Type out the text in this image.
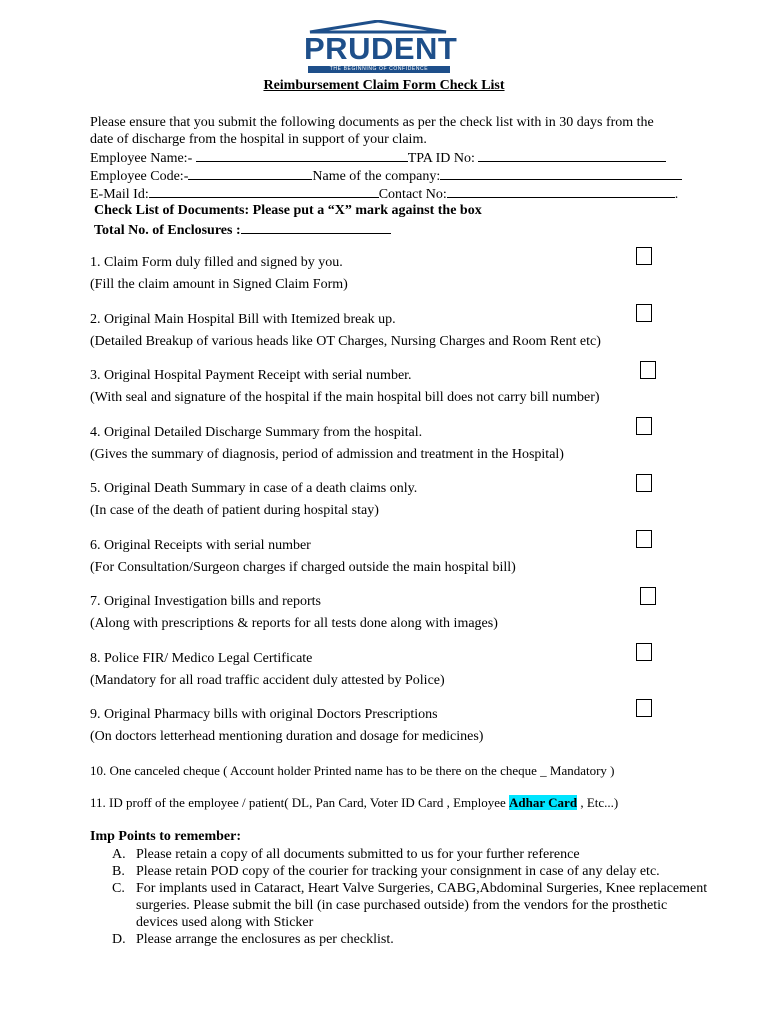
PRUDENT
THE BEGINNING OF CONFIDENCE
Reimbursement Claim Form Check List
Please ensure that you submit the following documents as per the check list with in 30 days from the
date of discharge from the hospital in support of your claim.
Employee Name:-	TPA ID No:
Employee Code:-	Name of the company:
E-Mail Id:	Contact No:	.
Check List of Documents: Please put a “X” mark against the box
Total No. of Enclosures :
1. Claim Form duly filled and signed by you.
(Fill the claim amount in Signed Claim Form)
2. Original Main Hospital Bill with Itemized break up.
(Detailed Breakup of various heads like OT Charges, Nursing Charges and Room Rent etc)
3. Original Hospital Payment Receipt with serial number.
(With seal and signature of the hospital if the main hospital bill does not carry bill number)
4. Original Detailed Discharge Summary from the hospital.
(Gives the summary of diagnosis, period of admission and treatment in the Hospital)
5. Original Death Summary in case of a death claims only.
(In case of the death of patient during hospital stay)
6. Original Receipts with serial number
(For Consultation/Surgeon charges if charged outside the main hospital bill)
7. Original Investigation bills and reports
(Along with prescriptions & reports for all tests done along with images)
8. Police FIR/ Medico Legal Certificate
(Mandatory for all road traffic accident duly attested by Police)
9. Original Pharmacy bills with original Doctors Prescriptions
(On doctors letterhead mentioning duration and dosage for medicines)
10. One canceled cheque ( Account holder Printed name has to be there on the cheque _ Mandatory )
11. ID proff of the employee / patient( DL, Pan Card, Voter ID Card , Employee Adhar Card , Etc...)
Imp Points to remember:
A. Please retain a copy of all documents submitted to us for your further reference
B. Please retain POD copy of the courier for tracking your consignment in case of any delay etc.
C. For implants used in Cataract, Heart Valve Surgeries, CABG,Abdominal Surgeries, Knee replacement surgeries. Please submit the bill (in case purchased outside) from the vendors for the prosthetic devices used along with Sticker
D. Please arrange the enclosures as per checklist.
